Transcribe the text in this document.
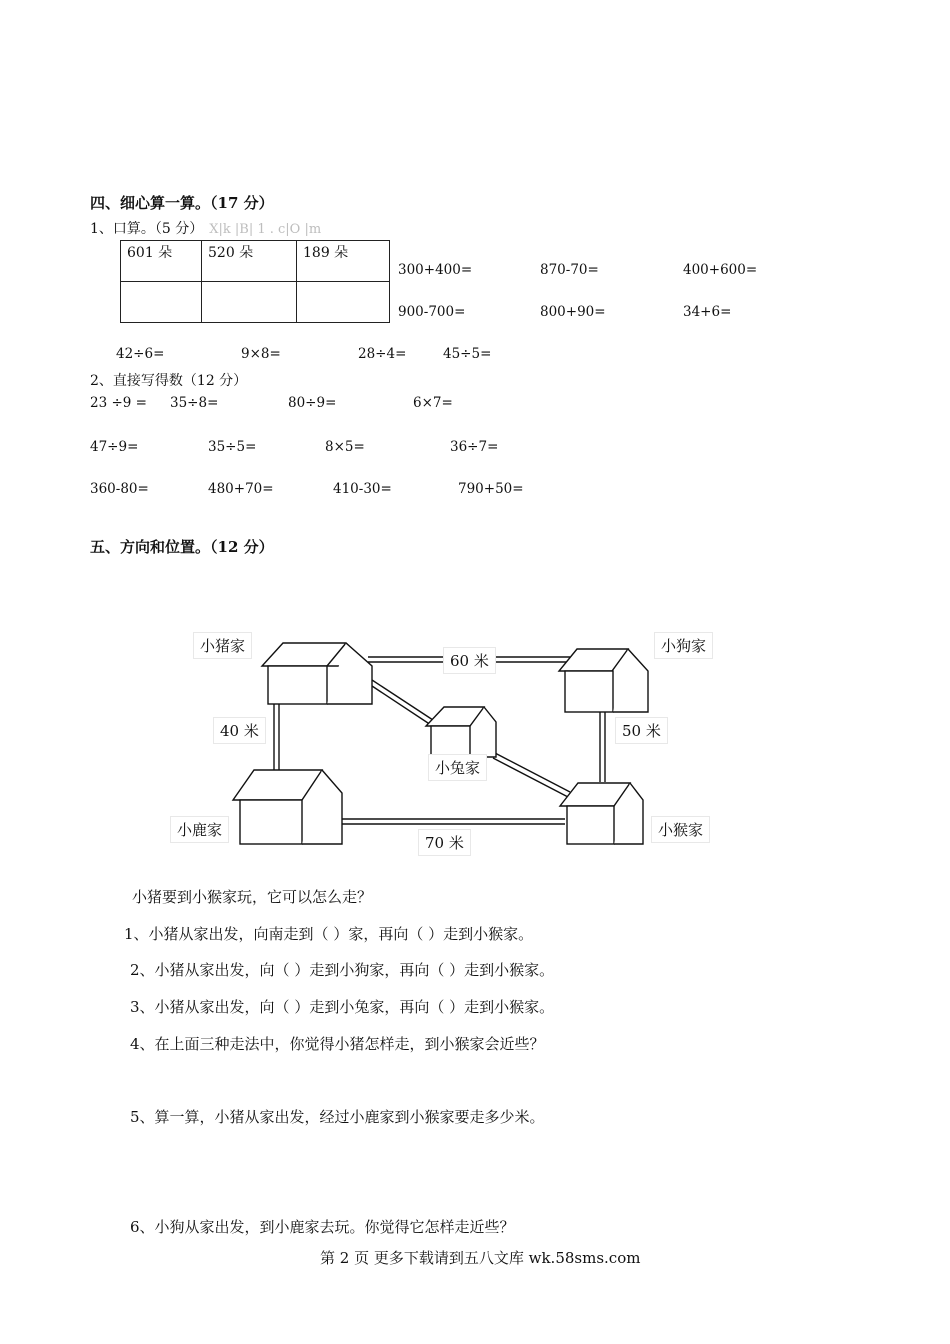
四、细心算一算。（17 分）
1、口算。（5 分） X|k |B| 1 . c|O |m
601 朵	520 朵	189 朵

300+400=	870-70=	400+600=
900-700=	800+90=	34+6=
42÷6=	9×8=	28÷4=	45÷5=
2、直接写得数（12 分）
23 ÷9 = 35÷8=	80÷9=	6×7=
47÷9=	35÷5=	8×5=	36÷7=
360-80=	480+70=	410-30=	790+50=
五、方向和位置。（12 分）
小猪家	小狗家
小兔家
小鹿家	小猴家
60 米
40 米	50 米
70 米
小猪要到小猴家玩，它可以怎么走？
1、小猪从家出发，向南走到（ ）家，再向（ ）走到小猴家。
2、小猪从家出发，向（ ）走到小狗家，再向（ ）走到小猴家。
3、小猪从家出发，向（ ）走到小兔家，再向（ ）走到小猴家。
4、在上面三种走法中，你觉得小猪怎样走，到小猴家会近些？
5、算一算，小猪从家出发，经过小鹿家到小猴家要走多少米。
6、小狗从家出发，到小鹿家去玩。你觉得它怎样走近些？
第 2 页 更多下载请到五八文库 wk.58sms.com
